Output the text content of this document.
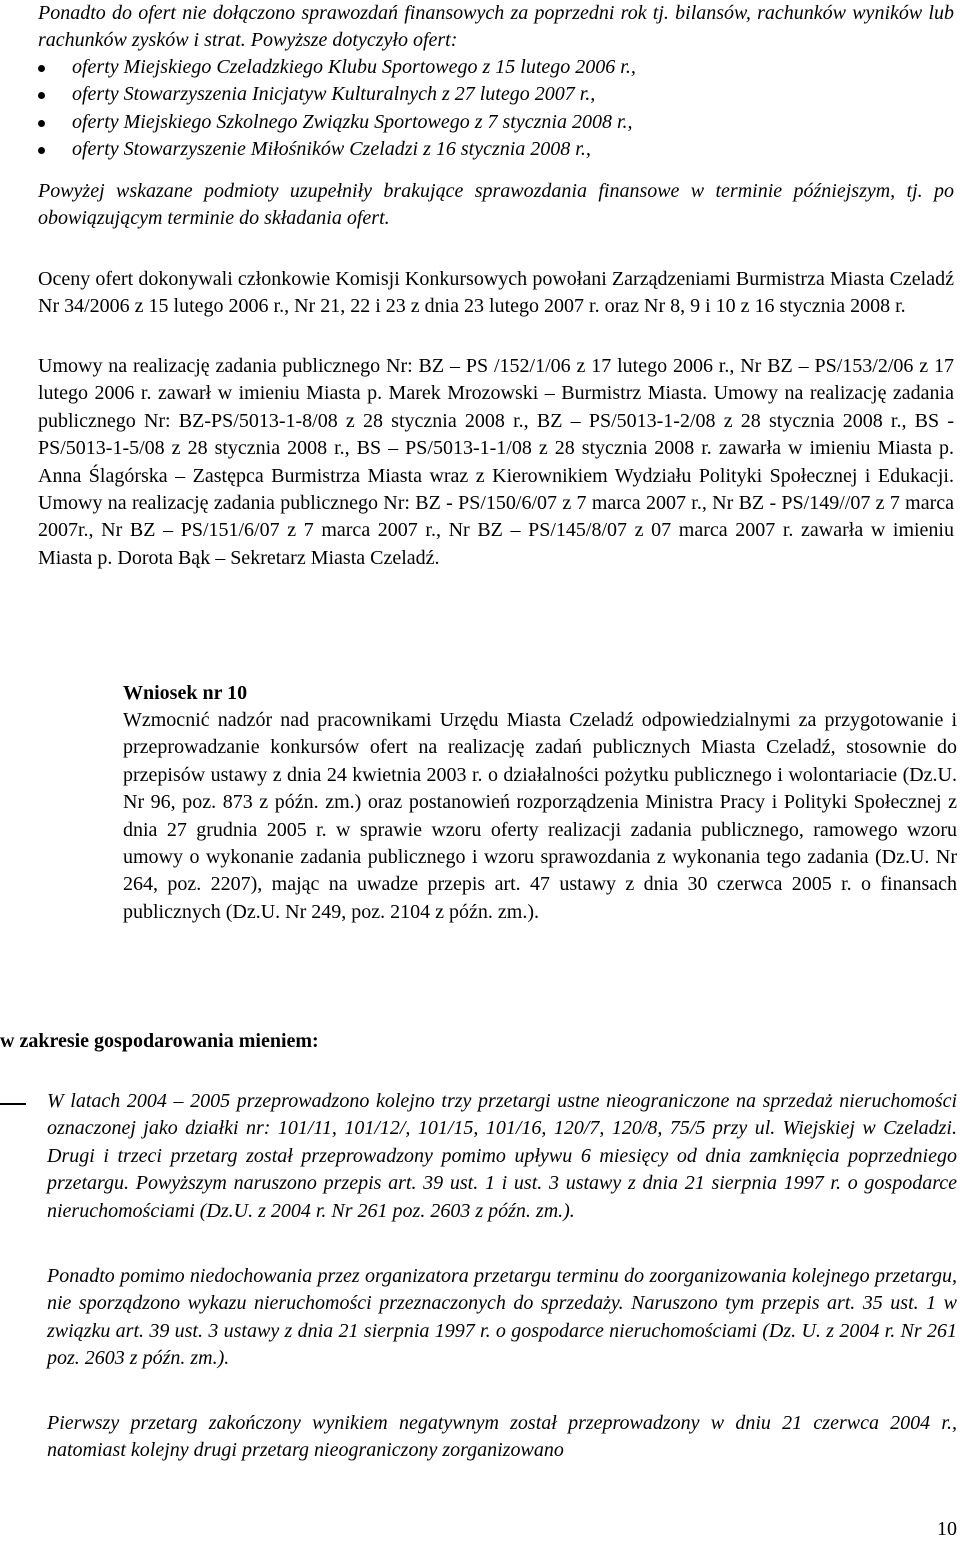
Ponadto do ofert nie dołączono sprawozdań finansowych za poprzedni rok tj. bilansów, rachunków wyników lub rachunków zysków i strat. Powyższe dotyczyło ofert:

oferty Miejskiego Czeladzkiego Klubu Sportowego z 15 lutego 2006 r.,
oferty Stowarzyszenia Inicjatyw Kulturalnych z 27 lutego 2007 r.,
oferty Miejskiego Szkolnego Związku Sportowego z 7 stycznia 2008 r.,
oferty Stowarzyszenie Miłośników Czeladzi z 16 stycznia 2008 r.,

Powyżej wskazane podmioty uzupełniły brakujące sprawozdania finansowe w terminie późniejszym, tj. po obowiązującym terminie do składania ofert.

Oceny ofert dokonywali członkowie Komisji Konkursowych powołani Zarządzeniami Burmistrza Miasta Czeladź Nr 34/2006 z 15 lutego 2006 r., Nr 21, 22 i 23 z dnia 23 lutego 2007 r. oraz Nr 8, 9 i 10 z 16 stycznia 2008 r.

Umowy na realizację zadania publicznego Nr: BZ – PS /152/1/06 z 17 lutego 2006 r., Nr BZ – PS/153/2/06 z 17 lutego 2006 r. zawarł w imieniu Miasta p. Marek Mrozowski – Burmistrz Miasta. Umowy na realizację zadania publicznego Nr: BZ-PS/5013-1-8/08 z 28 stycznia 2008 r., BZ – PS/5013-1-2/08 z 28 stycznia 2008 r., BS - PS/5013-1-5/08 z 28 stycznia 2008 r., BS – PS/5013-1-1/08 z 28 stycznia 2008 r. zawarła w imieniu Miasta p. Anna Ślagórska – Zastępca Burmistrza Miasta wraz z Kierownikiem Wydziału Polityki Społecznej i Edukacji. Umowy na realizację zadania publicznego Nr: BZ - PS/150/6/07 z 7 marca 2007 r., Nr BZ - PS/149//07 z 7 marca 2007r., Nr BZ – PS/151/6/07 z 7 marca 2007 r., Nr BZ – PS/145/8/07 z 07 marca 2007 r. zawarła w imieniu Miasta p. Dorota Bąk – Sekretarz Miasta Czeladź.

Wniosek nr 10

Wzmocnić nadzór nad pracownikami Urzędu Miasta Czeladź odpowiedzialnymi za przygotowanie i przeprowadzanie konkursów ofert na realizację zadań publicznych Miasta Czeladź, stosownie do przepisów ustawy z dnia 24 kwietnia 2003 r. o działalności pożytku publicznego i wolontariacie (Dz.U. Nr 96, poz. 873 z późn. zm.) oraz postanowień rozporządzenia Ministra Pracy i Polityki Społecznej z dnia 27 grudnia 2005 r. w sprawie wzoru oferty realizacji zadania publicznego, ramowego wzoru umowy o wykonanie zadania publicznego i wzoru sprawozdania z wykonania tego zadania (Dz.U. Nr 264, poz. 2207), mając na uwadze przepis art. 47 ustawy z dnia 30 czerwca 2005 r. o finansach publicznych (Dz.U. Nr 249, poz. 2104 z późn. zm.).

w zakresie gospodarowania mieniem:

W latach 2004 – 2005 przeprowadzono kolejno trzy przetargi ustne nieograniczone na sprzedaż nieruchomości oznaczonej jako działki nr: 101/11, 101/12/, 101/15, 101/16, 120/7, 120/8, 75/5 przy ul. Wiejskiej w Czeladzi. Drugi i trzeci przetarg został przeprowadzony pomimo upływu 6 miesięcy od dnia zamknięcia poprzedniego przetargu. Powyższym naruszono przepis art. 39 ust. 1 i ust. 3 ustawy z dnia 21 sierpnia 1997 r. o gospodarce nieruchomościami (Dz.U. z 2004 r. Nr 261 poz. 2603 z późn. zm.).

Ponadto pomimo niedochowania przez organizatora przetargu terminu do zoorganizowania kolejnego przetargu, nie sporządzono wykazu nieruchomości przeznaczonych do sprzedaży. Naruszono tym przepis art. 35 ust. 1 w związku art. 39 ust. 3 ustawy z dnia 21 sierpnia 1997 r. o gospodarce nieruchomościami (Dz. U. z 2004 r. Nr 261 poz. 2603 z późn. zm.).

Pierwszy przetarg zakończony wynikiem negatywnym został przeprowadzony w dniu 21 czerwca 2004 r., natomiast kolejny drugi przetarg nieograniczony zorganizowano

10
